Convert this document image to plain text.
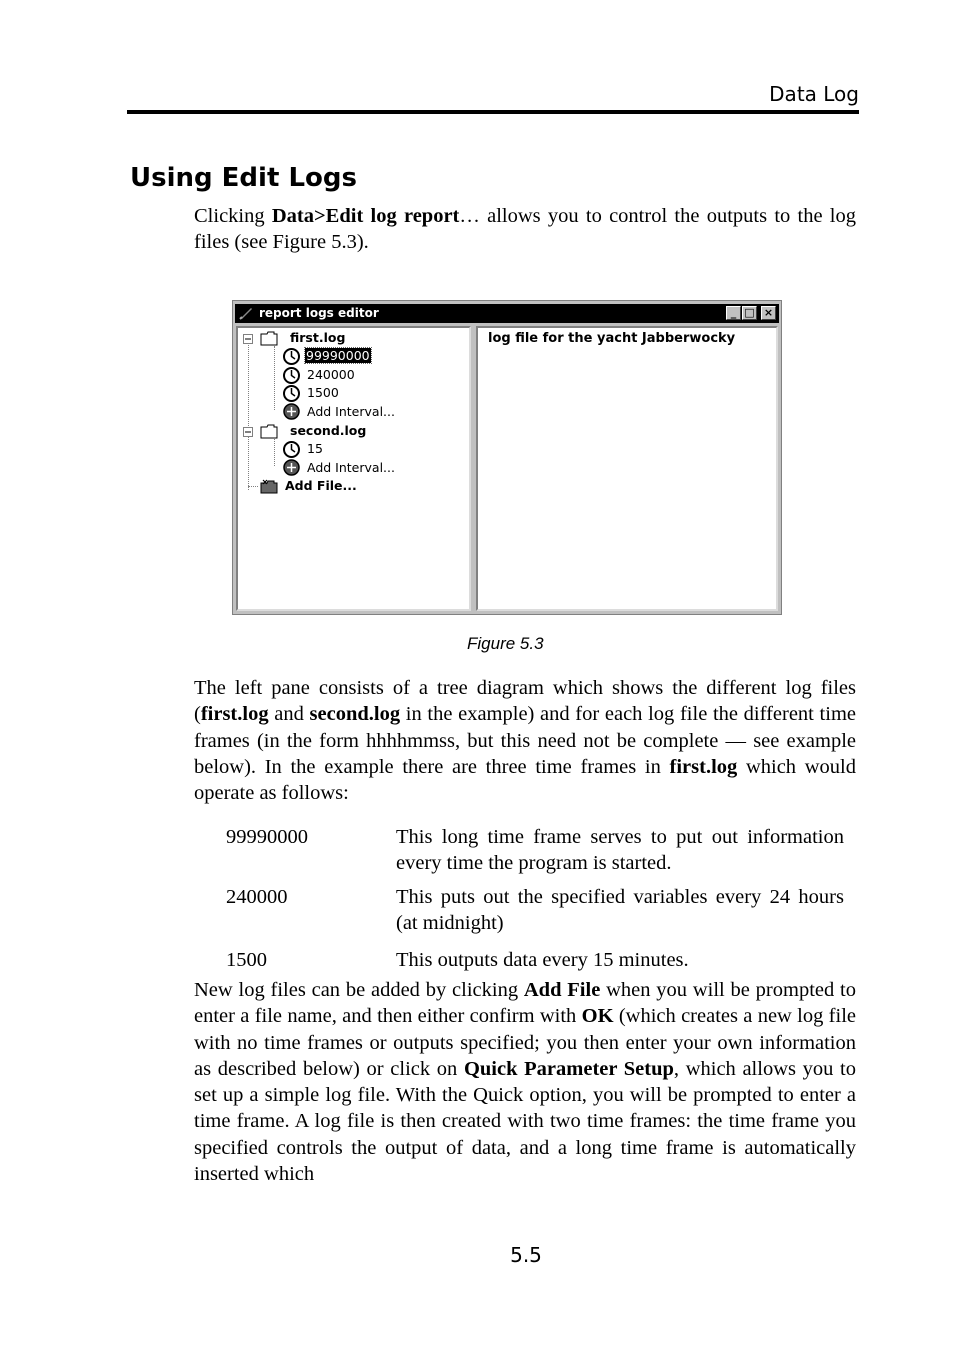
Data Log
Using Edit Logs
Clicking Data>Edit log report… allows you to control the outputs to the log files (see Figure 5.3).
report logs editor	_ □ ×
first.log
99990000
240000
1500
Add Interval...
second.log
15
Add Interval...
Add File...
log file for the yacht Jabberwocky
Figure 5.3
The left pane consists of a tree diagram which shows the different log files (first.log and second.log in the example) and for each log file the different time frames (in the form hhhhmmss, but this need not be complete — see example below). In the example there are three time frames in first.log which would operate as follows:
99990000	This long time frame serves to put out information every time the program is started.
240000	This puts out the specified variables every 24 hours (at midnight)
1500	This outputs data every 15 minutes.
New log files can be added by clicking Add File when you will be prompted to enter a file name, and then either confirm with OK (which creates a new log file with no time frames or outputs specified; you then enter your own information as described below) or click on Quick Parameter Setup, which allows you to set up a simple log file. With the Quick option, you will be prompted to enter a time frame. A log file is then created with two time frames: the time frame you specified controls the output of data, and a long time frame is automatically inserted which
5.5
